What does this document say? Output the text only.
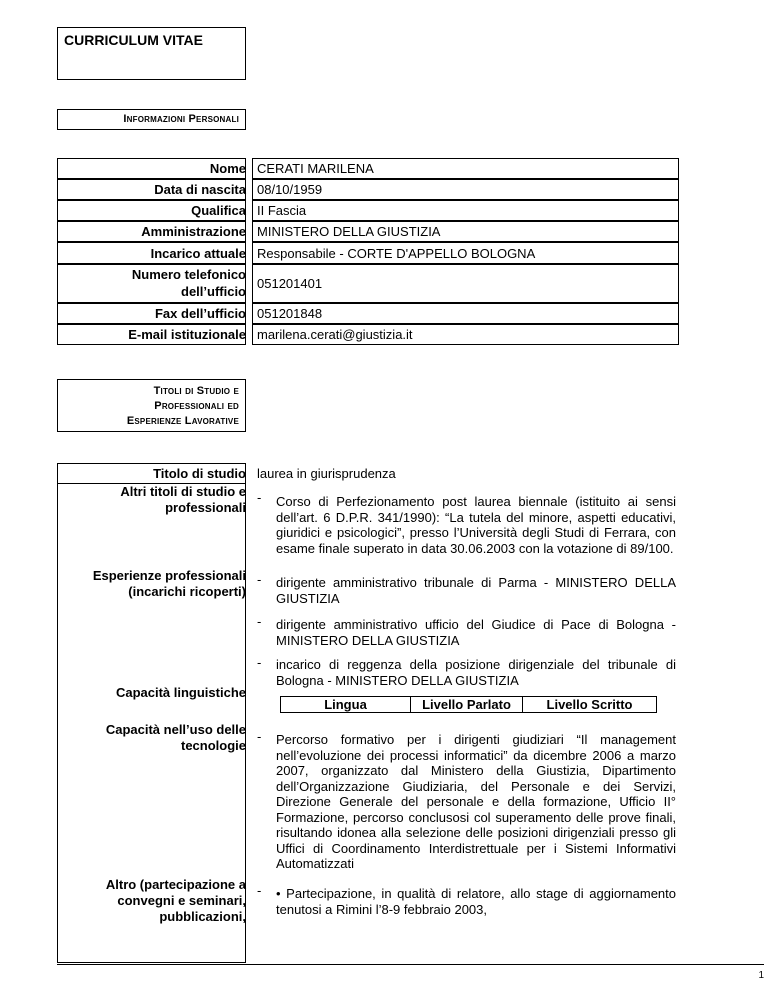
CURRICULUM VITAE
Informazioni Personali
Nome
Data di nascita
Qualifica
Amministrazione
Incarico attuale
Numero telefonico
dell’ufficio
Fax dell’ufficio
E-mail istituzionale
CERATI MARILENA
08/10/1959
II Fascia
MINISTERO DELLA GIUSTIZIA
Responsabile - CORTE D'APPELLO BOLOGNA
051201401
051201848
marilena.cerati@giustizia.it
Titoli di Studio e
Professionali ed
Esperienze Lavorative
Titolo di studio laurea in giurisprudenza
Altri titoli di studio e
professionali
- Corso di Perfezionamento post laurea biennale (istituito ai sensi dell’art. 6 D.P.R. 341/1990): “La tutela del minore, aspetti educativi, giuridici e psicologici”, presso l’Università degli Studi di Ferrara, con esame finale superato in data 30.06.2003 con la votazione di 89/100.
Esperienze professionali
(incarichi ricoperti)
- dirigente amministrativo tribunale di Parma - MINISTERO DELLA GIUSTIZIA
- dirigente amministrativo ufficio del Giudice di Pace di Bologna - MINISTERO DELLA GIUSTIZIA
- incarico di reggenza della posizione dirigenziale del tribunale di Bologna - MINISTERO DELLA GIUSTIZIA
Capacità linguistiche
Lingua	Livello Parlato	Livello Scritto
Capacità nell’uso delle
tecnologie
- Percorso formativo per i dirigenti giudiziari “Il management nell’evoluzione dei processi informatici” da dicembre 2006 a marzo 2007, organizzato dal Ministero della Giustizia, Dipartimento dell’Organizzazione Giudiziaria, del Personale e dei Servizi, Direzione Generale del personale e della formazione, Ufficio II° Formazione, percorso conclusosi col superamento delle prove finali, risultando idonea alla selezione delle posizioni dirigenziali presso gli Uffici di Coordinamento Interdistrettuale per i Sistemi Informativi Automatizzati
Altro (partecipazione a
convegni e seminari,
pubblicazioni,
- • Partecipazione, in qualità di relatore, allo stage di aggiornamento tenutosi a Rimini l’8-9 febbraio 2003,
1
